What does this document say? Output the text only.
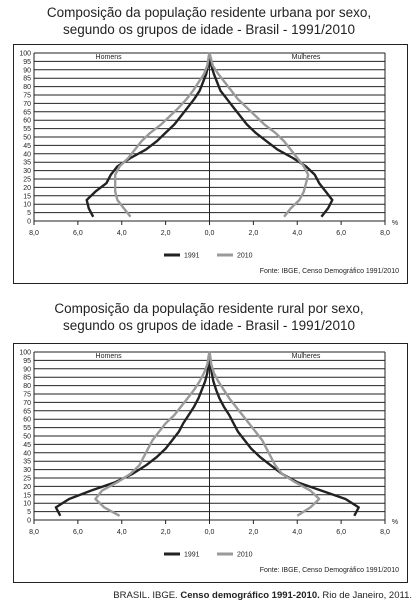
Composição da população residente urbana por sexo,
segundo os grupos de idade - Brasil - 1991/2010
0
5
10
15
20
25
30
35
40
45
50
55
60
65
70
75
80
85
90
95
100
8,0	6,0	4,0	2,0	0,0	2,0	4,0	6,0	8,0
%
Homens	Mulheres
1991	2010
Fonte: IBGE, Censo Demográfico 1991/2010
Composição da população residente rural por sexo,
segundo os grupos de idade - Brasil - 1991/2010
0
5
10
15
20
25
30
35
40
45
50
55
60
65
70
75
80
85
90
95
100
8,0	6,0	4,0	2,0	0,0	2,0	4,0	6,0	8,0
%
Homens	Mulheres
1991	2010
Fonte: IBGE, Censo Demográfico 1991/2010
BRASIL. IBGE. Censo demográfico 1991-2010. Rio de Janeiro, 2011.
